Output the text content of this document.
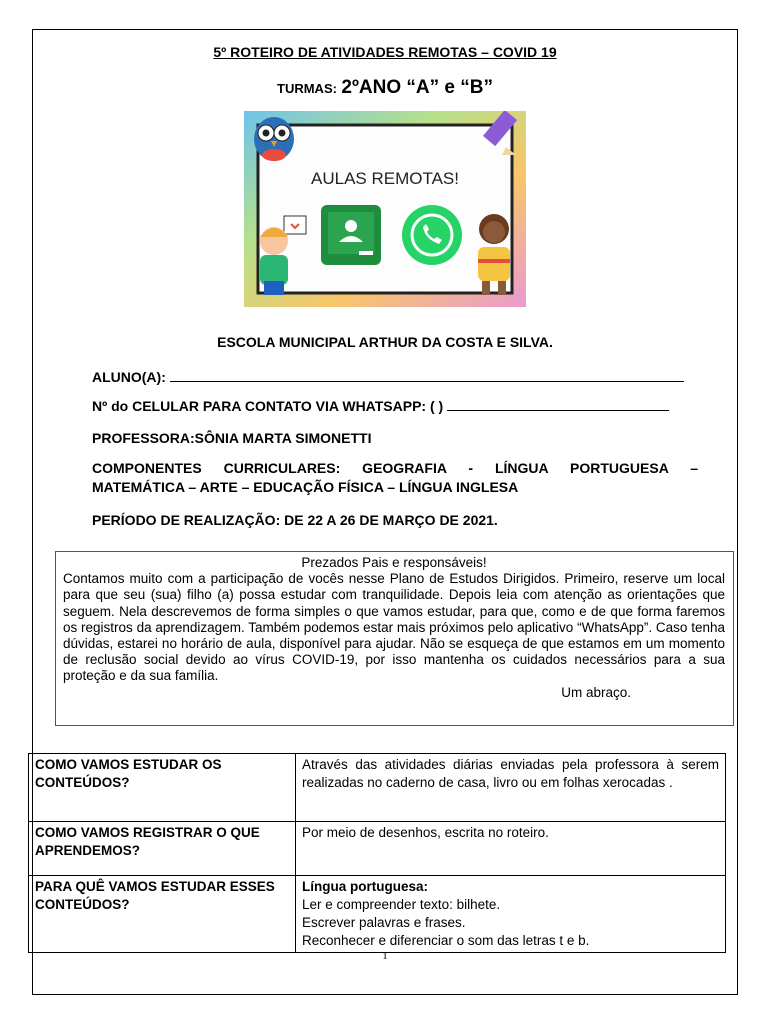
5º ROTEIRO DE ATIVIDADES REMOTAS – COVID 19
TURMAS: 2ºANO “A” e “B”
AULAS REMOTAS!
ESCOLA MUNICIPAL ARTHUR DA COSTA E SILVA.
ALUNO(A):
Nº do CELULAR PARA CONTATO VIA WHATSAPP: ( )
PROFESSORA:SÔNIA MARTA SIMONETTI
COMPONENTES CURRICULARES: GEOGRAFIA - LÍNGUA PORTUGUESA –
MATEMÁTICA – ARTE – EDUCAÇÃO FÍSICA – LÍNGUA INGLESA
PERÍODO DE REALIZAÇÃO: DE 22 A 26 DE MARÇO DE 2021.
Prezados Pais e responsáveis!
Contamos muito com a participação de vocês nesse Plano de Estudos Dirigidos. Primeiro, reserve um local para que seu (sua) filho (a) possa estudar com tranquilidade. Depois leia com atenção as orientações que seguem. Nela descrevemos de forma simples o que vamos estudar, para que, como e de que forma faremos os registros da aprendizagem. Também podemos estar mais próximos pelo aplicativo “WhatsApp”. Caso tenha dúvidas, estarei no horário de aula, disponível para ajudar. Não se esqueça de que estamos em um momento de reclusão social devido ao vírus COVID-19, por isso mantenha os cuidados necessários para a sua proteção e da sua família.
Um abraço.
COMO VAMOS ESTUDAR OS CONTEÚDOS?	Através das atividades diárias enviadas pela professora à serem realizadas no caderno de casa, livro ou em folhas xerocadas .
COMO VAMOS REGISTRAR O QUE APRENDEMOS?	Por meio de desenhos, escrita no roteiro.
PARA QUÊ VAMOS ESTUDAR ESSES CONTEÚDOS?	Língua portuguesa:
Ler e compreender texto: bilhete.
Escrever palavras e frases.
Reconhecer e diferenciar o som das letras t e b.
1
